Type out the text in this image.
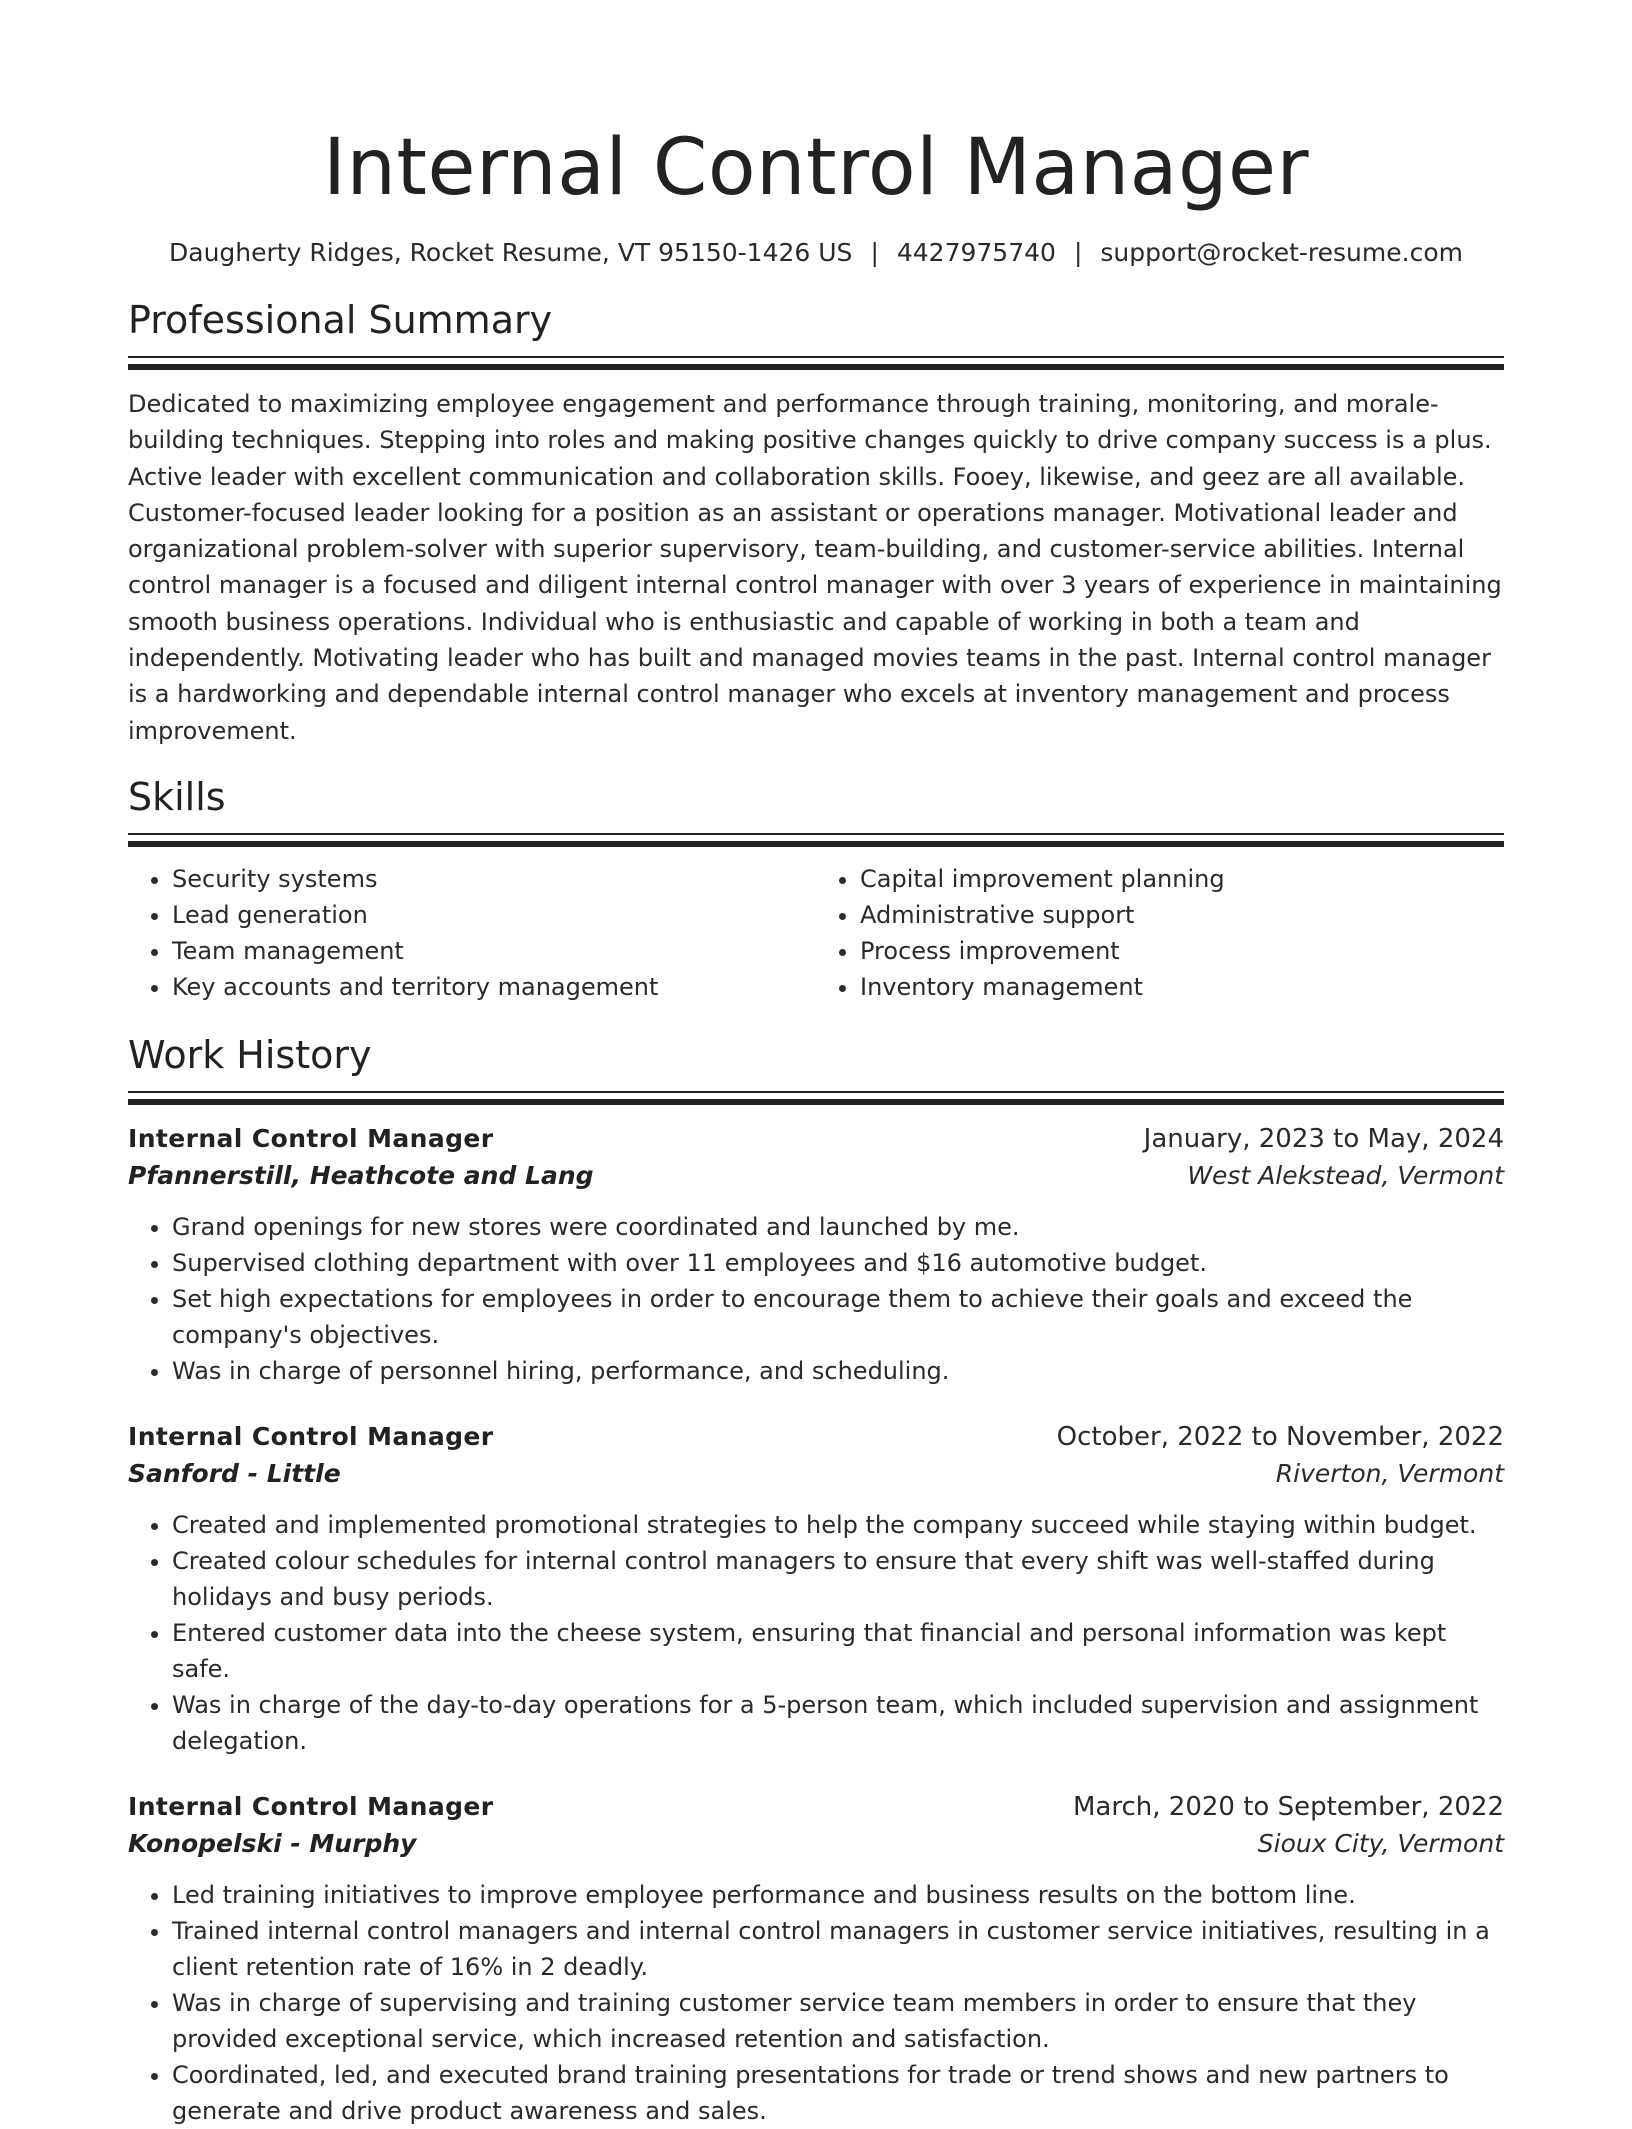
Internal Control Manager
Daugherty Ridges, Rocket Resume, VT 95150-1426 US | 4427975740 | support@rocket-resume.com
Professional Summary

Dedicated to maximizing employee engagement and performance through training, monitoring, and morale-building techniques. Stepping into roles and making positive changes quickly to drive company success is a plus. Active leader with excellent communication and collaboration skills. Fooey, likewise, and geez are all available. Customer-focused leader looking for a position as an assistant or operations manager. Motivational leader and organizational problem-solver with superior supervisory, team-building, and customer-service abilities. Internal control manager is a focused and diligent internal control manager with over 3 years of experience in maintaining smooth business operations. Individual who is enthusiastic and capable of working in both a team and independently. Motivating leader who has built and managed movies teams in the past. Internal control manager is a hardworking and dependable internal control manager who excels at inventory management and process improvement.

Skills
• Security systems
• Lead generation
• Team management
• Key accounts and territory management
• Capital improvement planning
• Administrative support
• Process improvement
• Inventory management
Work History
Internal Control Manager	January, 2023 to May, 2024
Pfannerstill, Heathcote and Lang	West Alekstead, Vermont
• Grand openings for new stores were coordinated and launched by me.
• Supervised clothing department with over 11 employees and $16 automotive budget.
• Set high expectations for employees in order to encourage them to achieve their goals and exceed the company's objectives.
• Was in charge of personnel hiring, performance, and scheduling.
Internal Control Manager	October, 2022 to November, 2022
Sanford - Little	Riverton, Vermont
• Created and implemented promotional strategies to help the company succeed while staying within budget.
• Created colour schedules for internal control managers to ensure that every shift was well-staffed during holidays and busy periods.
• Entered customer data into the cheese system, ensuring that financial and personal information was kept safe.
• Was in charge of the day-to-day operations for a 5-person team, which included supervision and assignment delegation.
Internal Control Manager	March, 2020 to September, 2022
Konopelski - Murphy	Sioux City, Vermont
• Led training initiatives to improve employee performance and business results on the bottom line.
• Trained internal control managers and internal control managers in customer service initiatives, resulting in a client retention rate of 16% in 2 deadly.
• Was in charge of supervising and training customer service team members in order to ensure that they provided exceptional service, which increased retention and satisfaction.
• Coordinated, led, and executed brand training presentations for trade or trend shows and new partners to generate and drive product awareness and sales.
